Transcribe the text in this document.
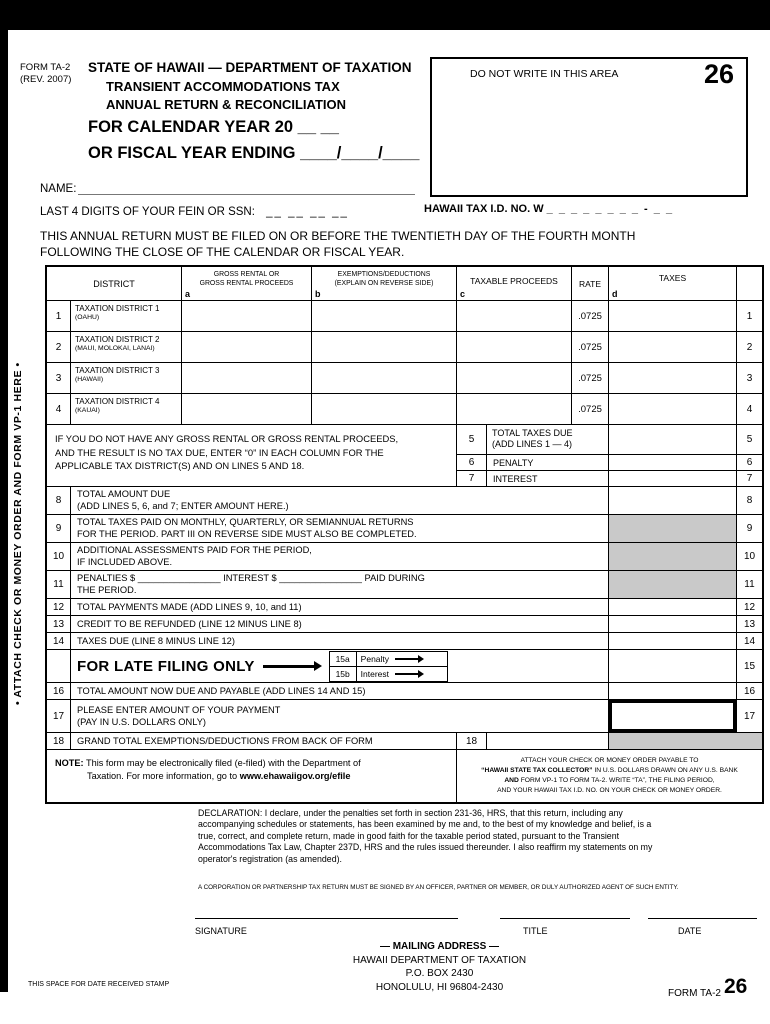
FORM TA-2
(REV. 2007)
STATE OF HAWAII — DEPARTMENT OF TAXATION
TRANSIENT ACCOMMODATIONS TAX
ANNUAL RETURN & RECONCILIATION
FOR CALENDAR YEAR 20 __ __
OR FISCAL YEAR ENDING ____/____/____
DO NOT WRITE IN THIS AREA	26
NAME:
LAST 4 DIGITS OF YOUR FEIN OR SSN: __ __ __ __	HAWAII TAX I.D. NO. W _ _ _ _ _ _ _ _ - _ _
THIS ANNUAL RETURN MUST BE FILED ON OR BEFORE THE TWENTIETH DAY OF THE FOURTH MONTH
FOLLOWING THE CLOSE OF THE CALENDAR OR FISCAL YEAR.
• ATTACH CHECK OR MONEY ORDER AND FORM VP-1 HERE •
DISTRICT
GROSS RENTAL OR
GROSS RENTAL PROCEEDS
a
EXEMPTIONS/DEDUCTIONS
(EXPLAIN ON REVERSE SIDE)
b
TAXABLE PROCEEDS
c
RATE
TAXES
d
1
TAXATION DISTRICT 1
(OAHU)	.0725	1
2
TAXATION DISTRICT 2
(MAUI, MOLOKAI, LANAI)	.0725	2
3
TAXATION DISTRICT 3
(HAWAII)	.0725	3
4
TAXATION DISTRICT 4
(KAUAI)	.0725	4
IF YOU DO NOT HAVE ANY GROSS RENTAL OR GROSS RENTAL PROCEEDS,
AND THE RESULT IS NO TAX DUE, ENTER “0” IN EACH COLUMN FOR THE
APPLICABLE TAX DISTRICT(S) AND ON LINES 5 AND 18.
5
TOTAL TAXES DUE
(ADD LINES 1 — 4)	5
6 PENALTY	6
7 INTEREST	7
8
TOTAL AMOUNT DUE
(ADD LINES 5, 6, and 7; ENTER AMOUNT HERE.)	8
9
TOTAL TAXES PAID ON MONTHLY, QUARTERLY, OR SEMIANNUAL RETURNS
FOR THE PERIOD. PART III ON REVERSE SIDE MUST ALSO BE COMPLETED.	9
10
ADDITIONAL ASSESSMENTS PAID FOR THE PERIOD,
IF INCLUDED ABOVE.	10
11
PENALTIES $ ________________ INTEREST $ ________________ PAID DURING
THE PERIOD.	11
12 TOTAL PAYMENTS MADE (ADD LINES 9, 10, and 11)	12
13 CREDIT TO BE REFUNDED (LINE 12 MINUS LINE 8)	13
14 TAXES DUE (LINE 8 MINUS LINE 12)	14
FOR LATE FILING ONLY	15a	Penalty
15b	Interest
15
16 TOTAL AMOUNT NOW DUE AND PAYABLE (ADD LINES 14 AND 15)	16
17
PLEASE ENTER AMOUNT OF YOUR PAYMENT
(PAY IN U.S. DOLLARS ONLY)	17
18 GRAND TOTAL EXEMPTIONS/DEDUCTIONS FROM BACK OF FORM	18
NOTE: This form may be electronically filed (e-filed) with the Department of
Taxation. For more information, go to www.ehawaiigov.org/efile
ATTACH YOUR CHECK OR MONEY ORDER PAYABLE TO
“HAWAII STATE TAX COLLECTOR” IN U.S. DOLLARS DRAWN ON ANY U.S. BANK
AND FORM VP-1 TO FORM TA-2. WRITE “TA”, THE FILING PERIOD,
AND YOUR HAWAII TAX I.D. NO. ON YOUR CHECK OR MONEY ORDER.
DECLARATION: I declare, under the penalties set forth in section 231-36, HRS, that this return, including any accompanying schedules or statements, has been examined by me and, to the best of my knowledge and belief, is a true, correct, and complete return, made in good faith for the taxable period stated, pursuant to the Transient Accommodations Tax Law, Chapter 237D, HRS and the rules issued thereunder. I also reaffirm my statements on my operator's registration (as amended).
A CORPORATION OR PARTNERSHIP TAX RETURN MUST BE SIGNED BY AN OFFICER, PARTNER OR MEMBER, OR DULY AUTHORIZED AGENT OF SUCH ENTITY.
SIGNATURE	TITLE	DATE
— MAILING ADDRESS —
HAWAII DEPARTMENT OF TAXATION
P.O. BOX 2430
HONOLULU, HI 96804-2430
THIS SPACE FOR DATE RECEIVED STAMP
FORM TA-2 26
